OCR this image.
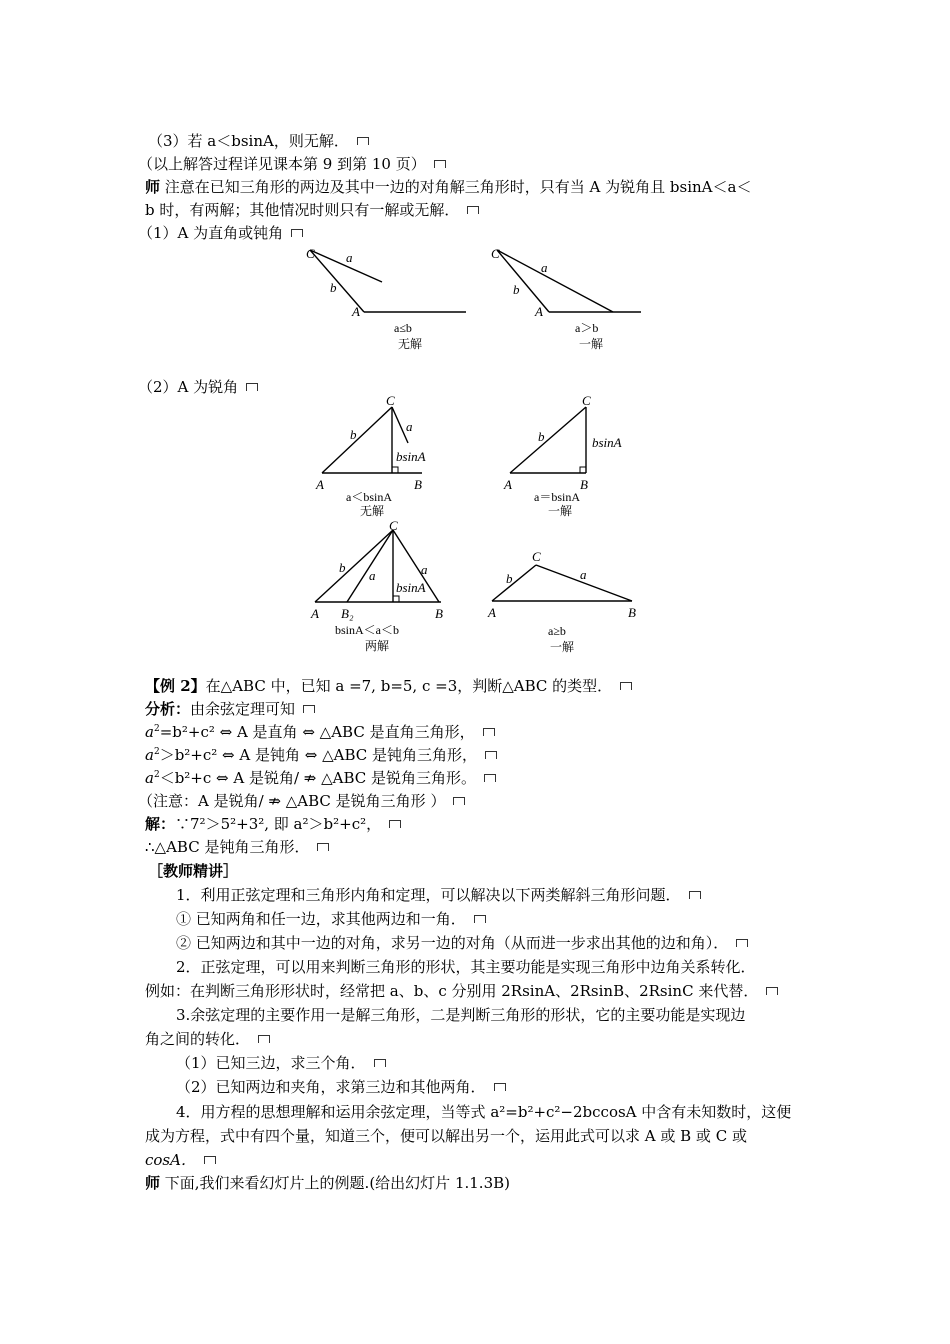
（3）若 a＜bsinA，则无解．
（以上解答过程详见课本第 9 到第 10 页）
师 注意在已知三角形的两边及其中一边的对角解三角形时，只有当 A 为锐角且 bsinA＜a＜
b 时，有两解；其他情况时则只有一解或无解．
（1）A 为直角或钝角
C a
b
A
a≤b
无解
C
a
b
A
a＞b
一解
（2）A 为锐角
C
b
a
bsinA
A	B
a＜bsinA
无解
C
b	bsinA
A	B
a＝bsinA
一解
C
b
a	a
bsinA
A B₂	B
bsinA＜a＜b
两解
C
b	a
A	B
a≥b
一解
【例 2】在△ABC 中，已知 a =7, b=5, c =3，判断△ABC 的类型．
分析：由余弦定理可知
$a^2=b^2+c^2$ ⇔ A 是直角 ⇔ △ABC 是直角三角形，
$a^2>b^2+c^2$ ⇔ A 是钝角 ⇔ △ABC 是钝角三角形，
$a^2<b^2+c$ ⇔ A 是锐角/ ⇏ △ABC 是锐角三角形。
（注意：A 是锐角/ ⇏ △ABC 是锐角三角形 ）
解：∵7²＞5²+3², 即 a²＞b²+c²，
∴△ABC 是钝角三角形．
［教师精讲］
1．利用正弦定理和三角形内角和定理，可以解决以下两类解斜三角形问题．
① 已知两角和任一边，求其他两边和一角．
② 已知两边和其中一边的对角，求另一边的对角（从而进一步求出其他的边和角）．
2．正弦定理，可以用来判断三角形的形状，其主要功能是实现三角形中边角关系转化．
例如：在判断三角形形状时，经常把 a、b、c 分别用 2RsinA、2RsinB、2RsinC 来代替．
3.余弦定理的主要作用一是解三角形，二是判断三角形的形状，它的主要功能是实现边
角之间的转化．
（1）已知三边，求三个角．
（2）已知两边和夹角，求第三边和其他两角．
4．用方程的思想理解和运用余弦定理，当等式 a²=b²+c²−2bccosA 中含有未知数时，这便
成为方程，式中有四个量，知道三个，便可以解出另一个，运用此式可以求 A 或 B 或 C 或
cosA．
师 下面,我们来看幻灯片上的例题.(给出幻灯片 1.1.3B)
